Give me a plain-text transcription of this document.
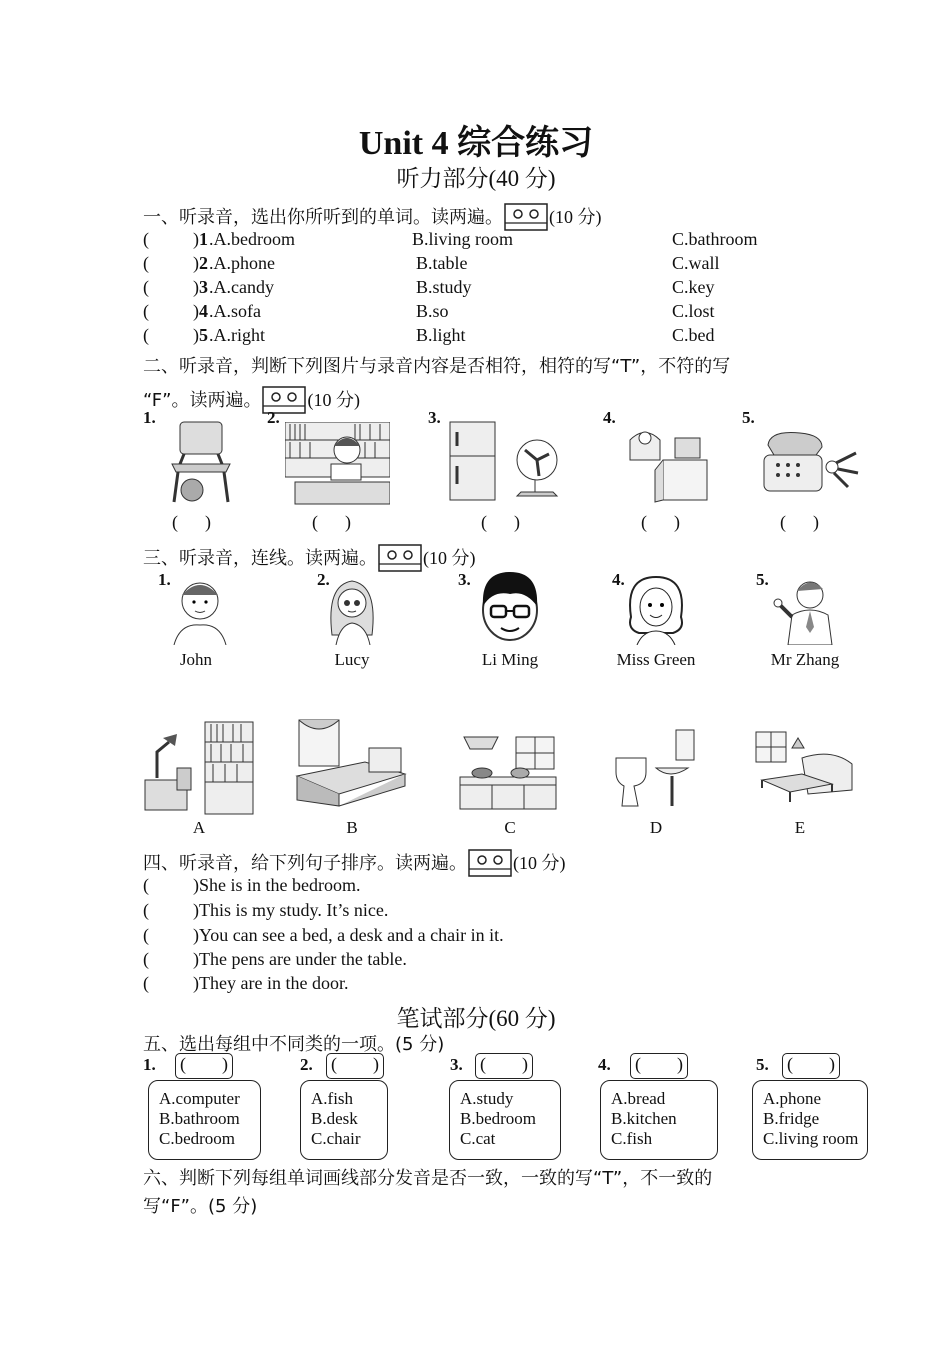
Unit 4 综合练习
听力部分(40 分)
一、听录音，选出你所听到的单词。读两遍。	(10 分)
( ) 1 .A.bedroom	B.living room	C.bathroom
( ) 2 .A.phone	B.table	C.wall
( ) 3 .A.candy	B.study	C.key
( ) 4 .A.sofa	B.so	C.lost
( ) 5 .A.right	B.light	C.bed
二、听录音，判断下列图片与录音内容是否相符，相符的写“T”，不符的写
“F”。读两遍。	(10 分)
1.
(      )
2.
(      )
3.
(      )
4.
(      )
5.
(      )
三、听录音，连线。读两遍。	(10 分)
1.
John
A
2.
Lucy
B
3.
Li Ming
C
4.
Miss Green
D
5.
Mr Zhang
E
四、听录音，给下列句子排序。读两遍。	(10 分)
( )She is in the bedroom.
( )This is my study. It’s nice.
( )You can see a bed, a desk and a chair in it.
( )The pens are under the table.
( )They are in the door.
笔试部分(60 分)
五、选出每组中不同类的一项。(5 分)
1. ( )
A.computer
B.bathroom
C.bedroom
2. ( )
A.fish
B.desk
C.chair
3. ( )
A.study
B.bedroom
C.cat
4. ( )
A.bread
B.kitchen
C.fish
5. ( )
A.phone
B.fridge
C.living room
六、判断下列每组单词画线部分发音是否一致，一致的写“T”，不一致的
写“F”。(5 分)
